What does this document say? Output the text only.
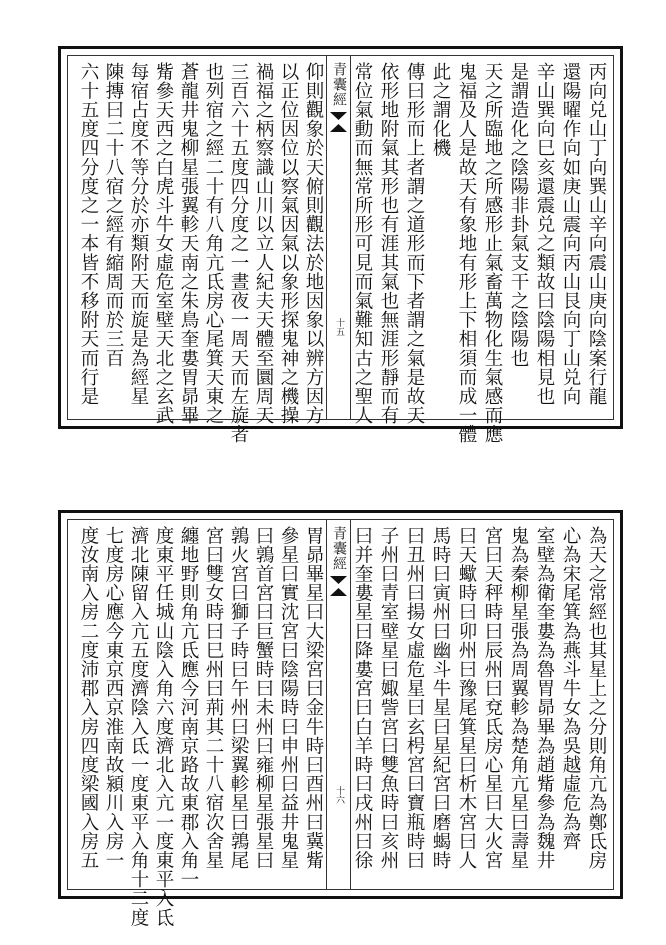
丙向兑山丁向巽山辛向震山庚向陰案行龍
還陽曜作向如庚山震向丙山艮向丁山兑向
辛山巽向巳亥還震兑之類故曰陰陽相見也
是謂造化之陰陽非卦氣支干之陰陽也
天之所臨地之所感形止氣畜萬物化生氣感而應
鬼福及人是故天有象地有形上下相須而成一體
此之謂化機
傳曰形而上者謂之道形而下者謂之氣是故天
依形地附氣其形也有涯其氣也無涯形靜而有
常位氣動而無常所形可見而氣難知古之聖人
青囊經
十五
仰則觀象於天俯則觀法於地因象以辨方因方
以正位因位以察氣因氣以象形探鬼神之機操
禍福之柄察識山川以立人紀夫天體至圜周天
三百六十五度四分度之一晝夜一周天而左旋者
也列宿之經二十有八角亢氐房心尾箕天東之
蒼龍井鬼柳星張翼軫天南之朱鳥奎婁胃昴畢
觜參天西之白虎斗牛女虛危室壁天北之玄武
每宿占度不等分於亦類附天而旋是為經星
陳摶曰二十八宿之經有縮周而於三百
六十五度四分度之一本皆不移附天而行是
為天之常經也其星上之分則角亢為鄭氐房
心為宋尾箕為燕斗牛女為吳越虛危為齊
室壁為衛奎婁為魯胃昴畢為趙觜參為魏井
鬼為秦柳星張為周翼軫為楚角亢星曰壽星
宮曰天秤時曰辰州曰兗氐房心星曰大火宮
曰天蠍時曰卯州曰豫尾箕星曰析木宮曰人
馬時曰寅州曰幽斗牛星曰星紀宮曰磨蝎時
曰丑州曰揚女虛危星曰玄枵宮曰寶瓶時曰
子州曰青室壁星曰娵訾宮曰雙魚時曰亥州
曰并奎婁星曰降婁宮曰白羊時曰戌州曰徐
青囊經
十六
胃昴畢星曰大梁宮曰金牛時曰酉州曰冀觜
參星曰實沈宮曰陰陽時曰申州曰益井鬼星
曰鶉首宮曰巨蟹時曰未州曰雍柳星張星曰
鶉火宮曰獅子時曰午州曰梁翼軫星曰鶉尾
宮曰雙女時曰巳州曰荊其二十八宿次舍星
纏地野則角亢氐應今河南京路故東郡入角一
度東平任城山陰入角六度濟北入亢一度東平入氐
濟北陳留入亢五度濟陰入氐一度東平入角十二度
七度房心應今東京西京淮南故潁川入房一
度汝南入房二度沛郡入房四度梁國入房五
